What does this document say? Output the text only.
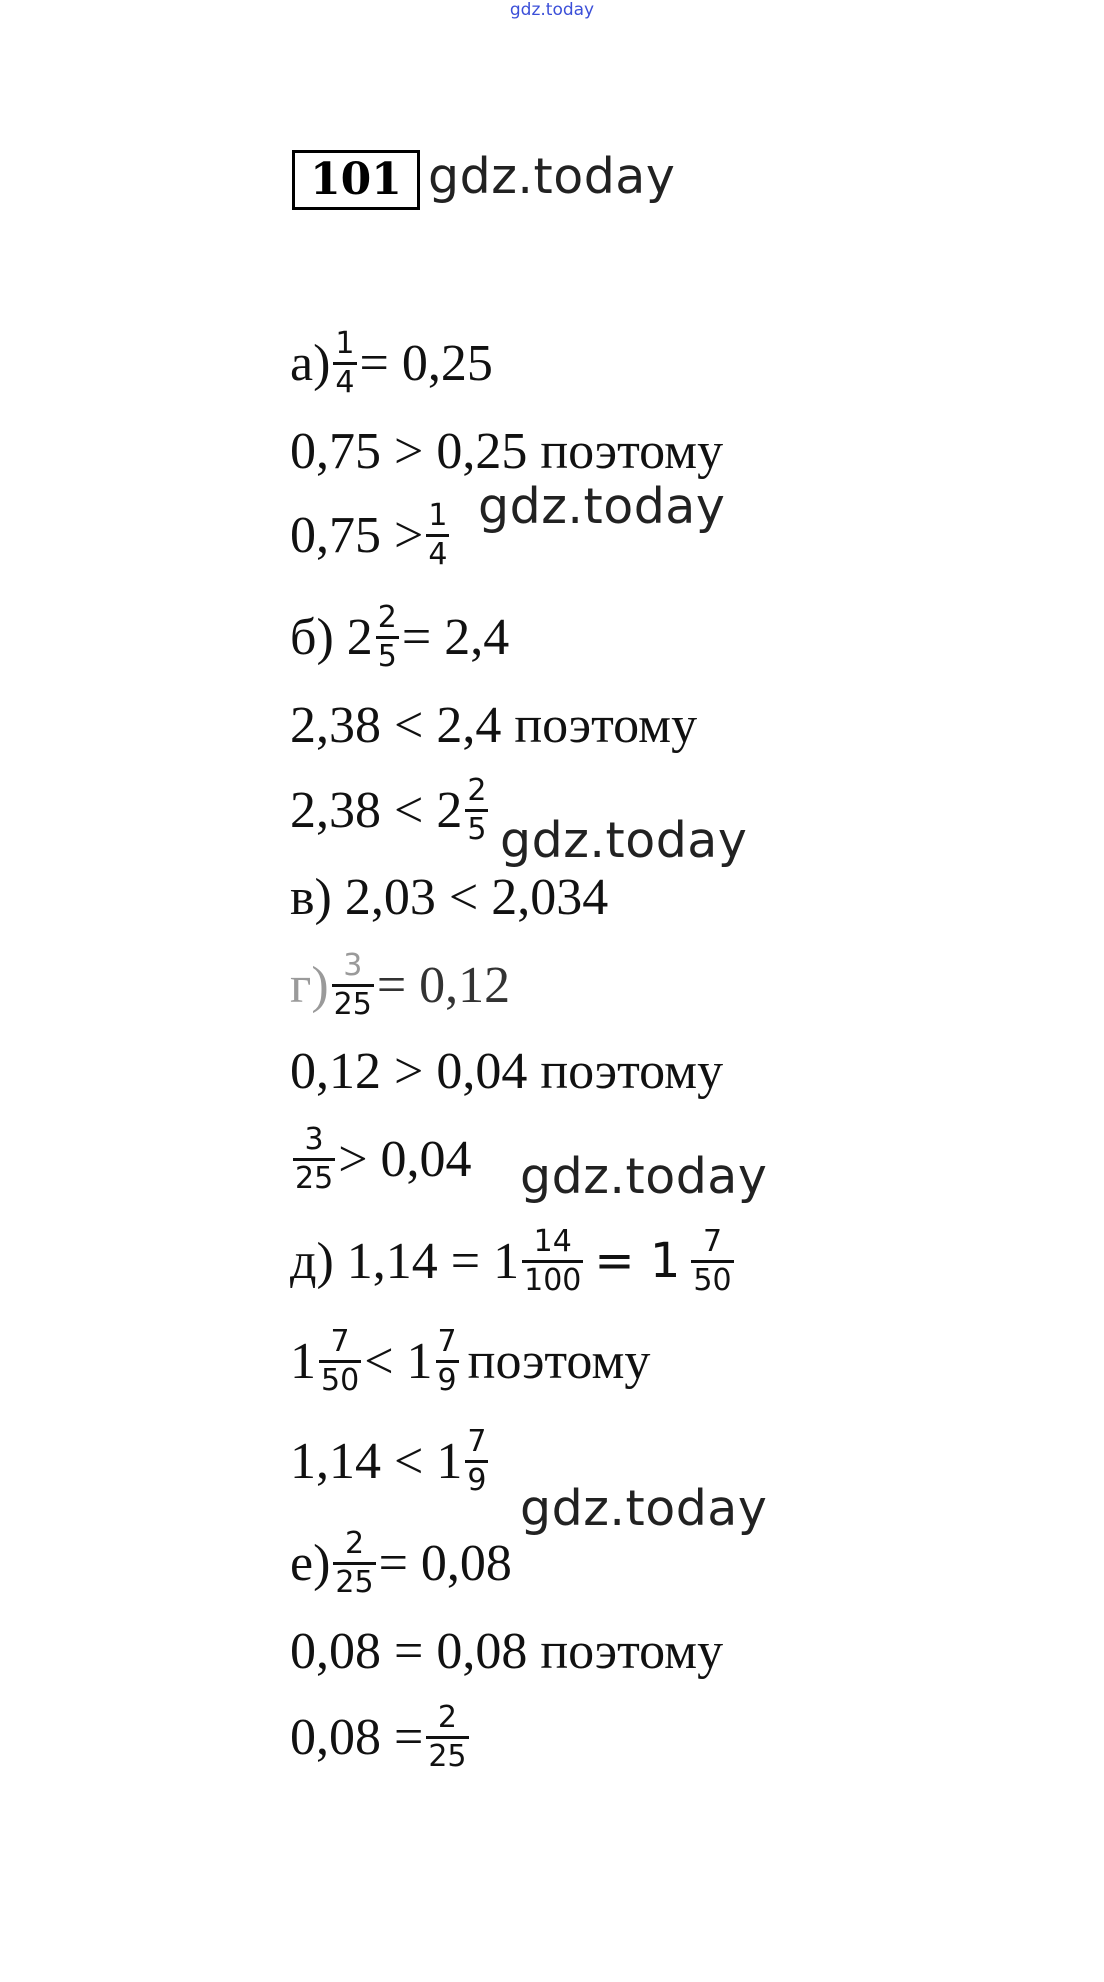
gdz.today
101 gdz.today
$а) \frac{1}{4} = 0,25$
0,75 > 0,25 поэтому
$0,75 > \frac{1}{4}$ gdz.today
б) $2 \frac{2}{5} = 2,4$
2,38 < 2,4 поэтому
$2,38 < 2 \frac{2}{5}$ gdz.today
в) 2,03 < 2,034
$г) \frac{3}{25} = 0,12$
0,12 > 0,04 поэтому
$\frac{3}{25} > 0,04$ gdz.today
д) $1,14 = 1 \frac{14}{100} = 1 \frac{7}{50}$
$1 \frac{7}{50} < 1 \frac{7}{9}$ поэтому
$1,14 < 1 \frac{7}{9}$
gdz.today
$е) \frac{2}{25} = 0,08$
0,08 = 0,08 поэтому
$0,08 = \frac{2}{25}$
